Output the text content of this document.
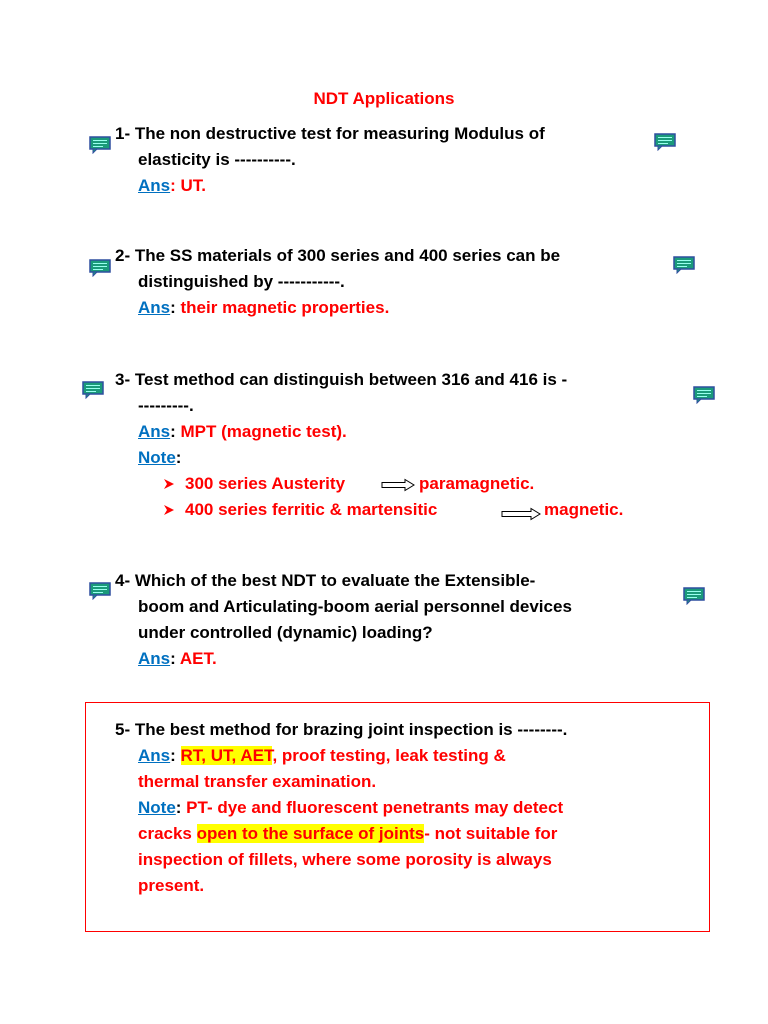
NDT Applications
1- The non destructive test for measuring Modulus of
elasticity is ----------.
Ans: UT.
2- The SS materials of 300 series and 400 series can be
distinguished by -----------.
Ans: their magnetic properties.
3- Test method can distinguish between 316 and 416 is -
---------.
Ans: MPT (magnetic test).
Note:
300 series Austerity	paramagnetic.
400 series ferritic & martensitic	magnetic.
4- Which of the best NDT to evaluate the Extensible-
boom and Articulating-boom aerial personnel devices
under controlled (dynamic) loading?
Ans: AET.
5- The best method for brazing joint inspection is --------.
Ans: RT, UT, AET, proof testing, leak testing &
thermal transfer examination.
Note: PT- dye and fluorescent penetrants may detect
cracks open to the surface of joints- not suitable for
inspection of fillets, where some porosity is always
present.
